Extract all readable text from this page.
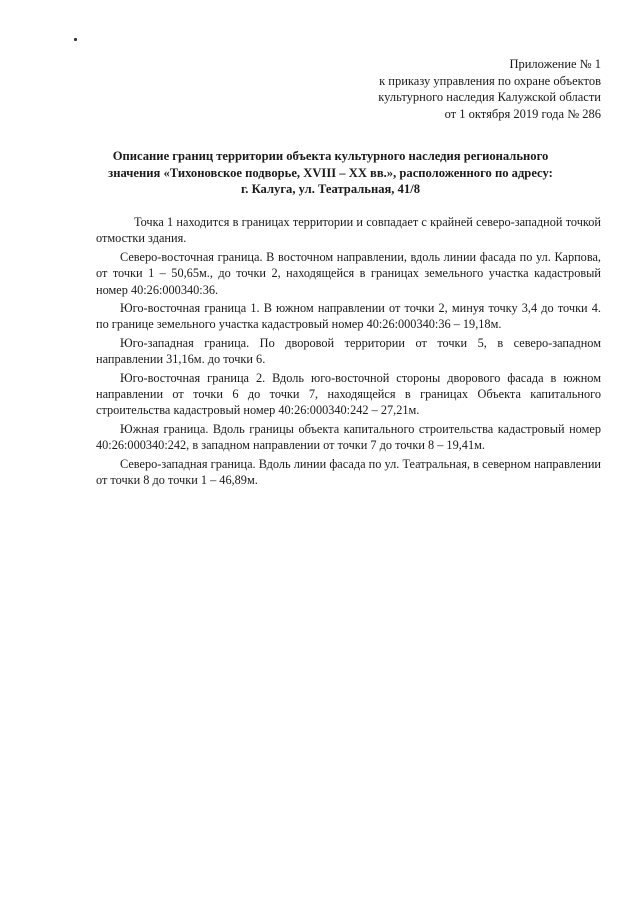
Приложение № 1
к приказу управления по охране объектов
культурного наследия Калужской области
от 1 октября 2019 года № 286
Описание границ территории объекта культурного наследия регионального
значения «Тихоновское подворье, XVIII – XX вв.», расположенного по адресу:
г. Калуга, ул. Театральная, 41/8

Точка 1 находится в границах территории и совпадает с крайней северо-западной точкой отмостки здания.

Северо-восточная граница. В восточном направлении, вдоль линии фасада по ул. Карпова, от точки 1 – 50,65м., до точки 2, находящейся в границах земельного участка кадастровый номер 40:26:000340:36.

Юго-восточная граница 1. В южном направлении от точки 2, минуя точку 3,4 до точки 4. по границе земельного участка кадастровый номер 40:26:000340:36 – 19,18м.

Юго-западная граница. По дворовой территории от точки 5, в северо-западном направлении 31,16м. до точки 6.

Юго-восточная граница 2. Вдоль юго-восточной стороны дворового фасада в южном направлении от точки 6 до точки 7, находящейся в границах Объекта капитального строительства кадастровый номер 40:26:000340:242 – 27,21м.

Южная граница. Вдоль границы объекта капитального строительства кадастровый номер 40:26:000340:242, в западном направлении от точки 7 до точки 8 – 19,41м.

Северо-западная граница. Вдоль линии фасада по ул. Театральная, в северном направлении от точки 8 до точки 1 – 46,89м.
